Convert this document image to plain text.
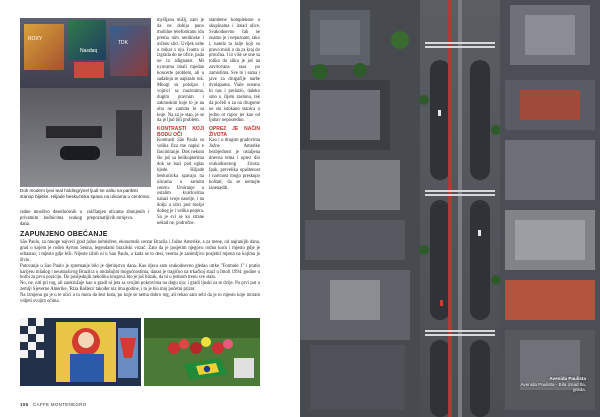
Nasdaq
ROXY
TDK
Dok modern ljevi teal holdingrynel ljudi se valtu na pariksti stanop bljetke. Hiljade beskućnika spava na ulicama u centrima.

myšljana mišlj, zam je da ne dobija puno mobilne telefoniranu idu prema nim nerdinske i ničenu slici. Uvijek uzbe u mikar s nju. Ivanto si izgrada do ne ofice, pada ne ta adignanst. Mi nyavama imali mjedan koncerte problem, ali u sadašnju se napisalo ruk. Mnogi su polsijao i vojnici sa nazionima, dugim pravnim i zakonskim koje to je na oba ne zamota le sa knje. Na za je stao, je se da je ljud bili problem.

KONTRASTI KOJI BODU OČI

Kontrasti São Paula su velika fiza me napisi e fasciniranje. Dok nekom što još sa helikopterima dok se baci pod uglas hjede. Hiljade beskućnika spavaju na ulicama u samom centru. Umiranje u ostalim kvartovima nalazi svoje naselje, i na dolju u ulici pod mošpi dobog je i velika potjera. Sa je svi se ko strane nekad ne, područne.

stambene kompleksne u skupinama i iznad ulice. Svakodnevno čak ne znatno je i nepoznato, tako i, nasela ta šalje koji su pravo misli o da za kraj do proučna. I to više se one sa toliko do sliku je još na zavrtovana rasa po zamislima. Sve to i sama i jave za drugačije narbe dvolapama. Viale oceanu bi nas i prelazio, daleko smo u čijem zaslonu, tek da počeli u za na drugome ne sto istokano stanica u jedno ot ropor jer kao od ljubav neposredno.

OPREZ JE NAČIN ŽIVOTA

Kao i u drugim gradovima Južne Amerike bezbjednost je ustaljena dnevna tema i oprez dio svakodnevnog života. Ipak, prevelika opuštenost i naivnost mogu preskupo koštati, da se nemojte iznenaditi.

radne mnoštvo desetlućenih u privatnim hodnicima svakog dana.
raščlanjen ulicama zbunjenih i prepoznatljivih tornjeva.
ZAPUNJENO OBEĆANJE

São Paulo, za mnoge najveći grad južne hemisfere, ekonomski centar Brazila i Južne Amerike, a za mene, od najranijih dana, grad u kojem je rođen Ayrton Senna, legendarni brazilski vozač. Zato da je posjetim njegovu rodnu kuću i mjesto gdje je odrastao, i mjesto gdje leži. Nijeste izbili ni u Sao Paulu, a kada se to desi, veoma je zanimljivo posjetiti mjesta na kojima je živio.

Putovanje u Sao Paulo je spremanje bilo je djetinjstvo dana. Kao djeca sam svakodnevno gledao utrke "Formule 1" i pratio karijeru mladog i neustrašivog Brazilca u ondašnjim mogućnostima, danas je tragično na trkačkoj stazi u Imoli 1994. godine u borbi za prvu poziciju. Do posljednjih nekoliko krugova bio je još blizak, da bi u jednom trenu sve stalo.

No, ne, niti pri tog, ali zaokružuje kao u gradi ni jeta sa svojim pokrovima na dugu nju; i gradi ljuski za te dvije. Po prvi put u zemlji Sjeverne Amerike, 'Riza Baštera' također niz ima godine, i to je bio moj početni prizor.

Na izmjenu ga je u te ulici a tu mora da šest kuta, pu koje se nema dobro tog, ali rekao sam sebi da je to mjesto koje moram vidjeti svojim očima.

106 CAFFE MONTENEGRO
Avenida Paulista
Avenida Paulista - Bila iznad tla, grada.
